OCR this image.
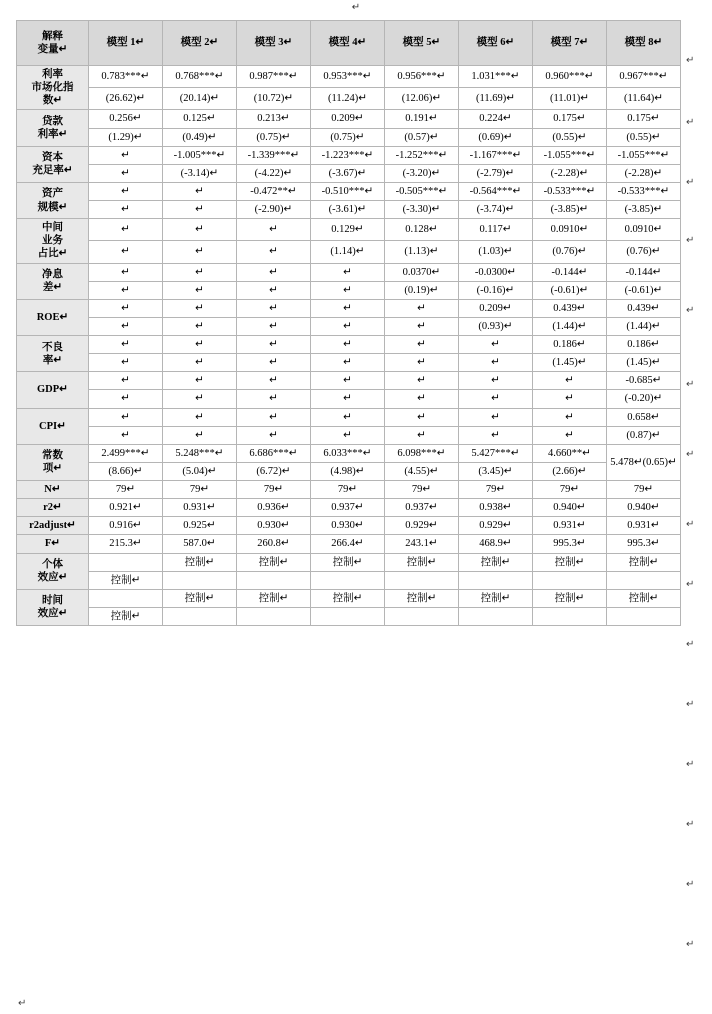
↵
解释
变量↵	模型 1↵	模型 2↵	模型 3↵	模型 4↵	模型 5↵	模型 6↵	模型 7↵	模型 8↵

利率
市场化指
数↵	0.783***↵	0.768***↵	0.987***↵	0.953***↵	0.956***↵	1.031***↵	0.960***↵	0.967***↵
	(26.62)↵	(20.14)↵	(10.72)↵	(11.24)↵	(12.06)↵	(11.69)↵	(11.01)↵	(11.64)↵

贷款
利率↵	0.256↵	0.125↵	0.213↵	0.209↵	0.191↵	0.224↵	0.175↵	0.175↵
	(1.29)↵	(0.49)↵	(0.75)↵	(0.75)↵	(0.57)↵	(0.69)↵	(0.55)↵	(0.55)↵

资本
充足率↵	↵	-1.005***↵	-1.339***↵	-1.223***↵	-1.252***↵	-1.167***↵	-1.055***↵	-1.055***↵
	↵	(-3.14)↵	(-4.22)↵	(-3.67)↵	(-3.20)↵	(-2.79)↵	(-2.28)↵	(-2.28)↵

资产
规模↵	↵	↵	-0.472**↵	-0.510***↵	-0.505***↵	-0.564***↵	-0.533***↵	-0.533***↵
	↵	↵	(-2.90)↵	(-3.61)↵	(-3.30)↵	(-3.74)↵	(-3.85)↵	(-3.85)↵

中间
业务
占比↵	↵	↵	↵	0.129↵	0.128↵	0.117↵	0.0910↵	0.0910↵
	↵	↵	↵	(1.14)↵	(1.13)↵	(1.03)↵	(0.76)↵	(0.76)↵

净息
差↵	↵	↵	↵	↵	0.0370↵	-0.0300↵	-0.144↵	-0.144↵
	↵	↵	↵	↵	(0.19)↵	(-0.16)↵	(-0.61)↵	(-0.61)↵

ROE↵	↵	↵	↵	↵	↵	0.209↵	0.439↵	0.439↵
	↵	↵	↵	↵	↵	(0.93)↵	(1.44)↵	(1.44)↵

不良
率↵	↵	↵	↵	↵	↵	↵	0.186↵	0.186↵
	↵	↵	↵	↵	↵	↵	(1.45)↵	(1.45)↵

GDP↵	↵	↵	↵	↵	↵	↵	↵	-0.685↵
	↵	↵	↵	↵	↵	↵	↵	(-0.20)↵

CPI↵	↵	↵	↵	↵	↵	↵	↵	0.658↵
	↵	↵	↵	↵	↵	↵	↵	(0.87)↵

常数
项↵	2.499***↵	5.248***↵	6.686***↵	6.033***↵	6.098***↵	5.427***↵	4.660**↵	5.478↵(0.65)↵
	(8.66)↵	(5.04)↵	(6.72)↵	(4.98)↵	(4.55)↵	(3.45)↵	(2.66)↵	
N↵	79↵	79↵	79↵	79↵	79↵	79↵	79↵	79↵
r2↵	0.921↵	0.931↵	0.936↵	0.937↵	0.937↵	0.938↵	0.940↵	0.940↵
r2adjust↵	0.916↵	0.925↵	0.930↵	0.930↵	0.929↵	0.929↵	0.931↵	0.931↵
F↵	215.3↵	587.0↵	260.8↵	266.4↵	243.1↵	468.9↵	995.3↵	995.3↵

个体
效应↵		控制↵	控制↵	控制↵	控制↵	控制↵	控制↵	控制↵
	控制↵							

时间
效应↵		控制↵	控制↵	控制↵	控制↵	控制↵	控制↵	控制↵
	控制↵							
↵
↵
↵
↵
↵
↵
↵
↵
↵
↵
↵
↵
↵
↵
↵
↵
